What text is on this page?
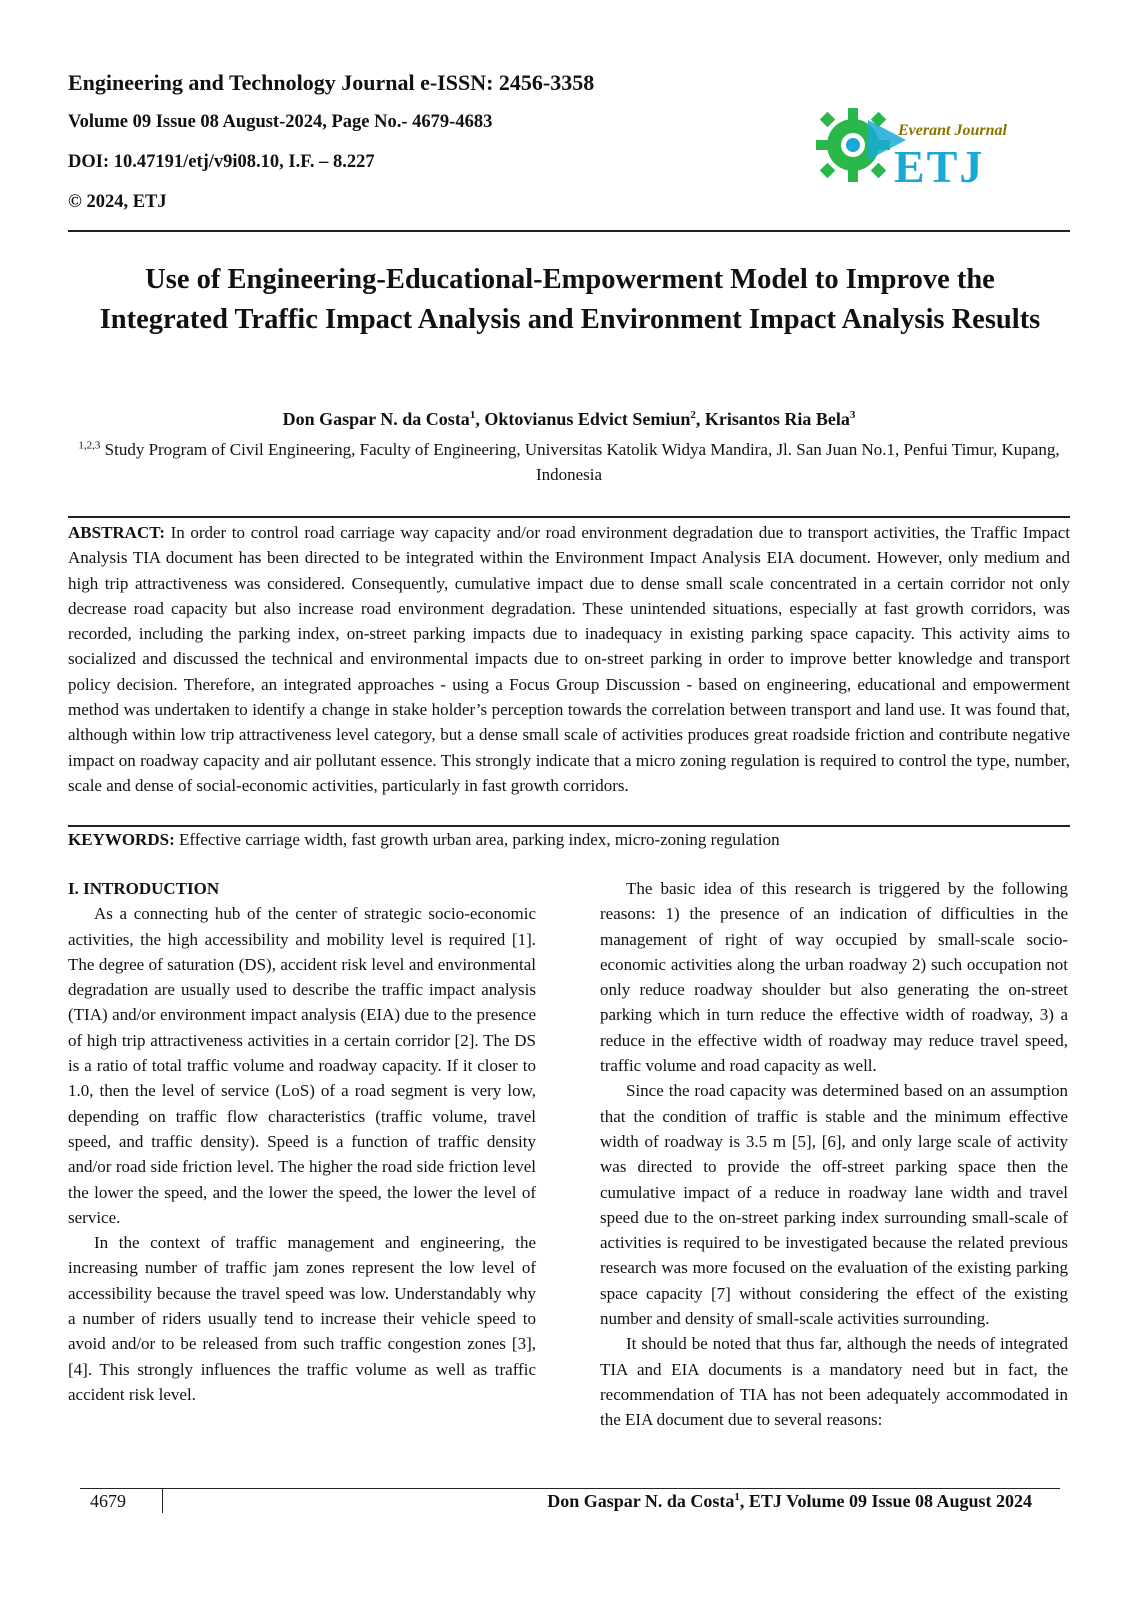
Engineering and Technology Journal e-ISSN: 2456-3358
Volume 09 Issue 08 August-2024, Page No.- 4679-4683
DOI: 10.47191/etj/v9i08.10, I.F. – 8.227
© 2024, ETJ
Everant Journal
ETJ
Use of Engineering-Educational-Empowerment Model to Improve the Integrated Traffic Impact Analysis and Environment Impact Analysis Results
Don Gaspar N. da Costa$^1$, Oktovianus Edvict Semiun$^2$, Krisantos Ria Bela$^3$
$^{1,2,3}$ Study Program of Civil Engineering, Faculty of Engineering, Universitas Katolik Widya Mandira, Jl. San Juan No.1, Penfui Timur, Kupang, Indonesia
ABSTRACT: In order to control road carriage way capacity and/or road environment degradation due to transport activities, the Traffic Impact Analysis TIA document has been directed to be integrated within the Environment Impact Analysis EIA document. However, only medium and high trip attractiveness was considered. Consequently, cumulative impact due to dense small scale concentrated in a certain corridor not only decrease road capacity but also increase road environment degradation. These unintended situations, especially at fast growth corridors, was recorded, including the parking index, on-street parking impacts due to inadequacy in existing parking space capacity. This activity aims to socialized and discussed the technical and environmental impacts due to on-street parking in order to improve better knowledge and transport policy decision. Therefore, an integrated approaches - using a Focus Group Discussion - based on engineering, educational and empowerment method was undertaken to identify a change in stake holder’s perception towards the correlation between transport and land use. It was found that, although within low trip attractiveness level category, but a dense small scale of activities produces great roadside friction and contribute negative impact on roadway capacity and air pollutant essence. This strongly indicate that a micro zoning regulation is required to control the type, number, scale and dense of social-economic activities, particularly in fast growth corridors.
KEYWORDS: Effective carriage width, fast growth urban area, parking index, micro-zoning regulation

I. INTRODUCTION

As a connecting hub of the center of strategic socio-economic activities, the high accessibility and mobility level is required [1]. The degree of saturation (DS), accident risk level and environmental degradation are usually used to describe the traffic impact analysis (TIA) and/or environment impact analysis (EIA) due to the presence of high trip attractiveness activities in a certain corridor [2]. The DS is a ratio of total traffic volume and roadway capacity. If it closer to 1.0, then the level of service (LoS) of a road segment is very low, depending on traffic flow characteristics (traffic volume, travel speed, and traffic density). Speed is a function of traffic density and/or road side friction level. The higher the road side friction level the lower the speed, and the lower the speed, the lower the level of service.

In the context of traffic management and engineering, the increasing number of traffic jam zones represent the low level of accessibility because the travel speed was low. Understandably why a number of riders usually tend to increase their vehicle speed to avoid and/or to be released from such traffic congestion zones [3], [4]. This strongly influences the traffic volume as well as traffic accident risk level.

The basic idea of this research is triggered by the following reasons: 1) the presence of an indication of difficulties in the management of right of way occupied by small-scale socio-economic activities along the urban roadway 2) such occupation not only reduce roadway shoulder but also generating the on-street parking which in turn reduce the effective width of roadway, 3) a reduce in the effective width of roadway may reduce travel speed, traffic volume and road capacity as well.

Since the road capacity was determined based on an assumption that the condition of traffic is stable and the minimum effective width of roadway is 3.5 m [5], [6], and only large scale of activity was directed to provide the off-street parking space then the cumulative impact of a reduce in roadway lane width and travel speed due to the on-street parking index surrounding small-scale of activities is required to be investigated because the related previous research was more focused on the evaluation of the existing parking space capacity [7] without considering the effect of the existing number and density of small-scale activities surrounding.

It should be noted that thus far, although the needs of integrated TIA and EIA documents is a mandatory need but in fact, the recommendation of TIA has not been adequately accommodated in the EIA document due to several reasons:

4679	Don Gaspar N. da Costa$^1$, ETJ Volume 09 Issue 08 August 2024
